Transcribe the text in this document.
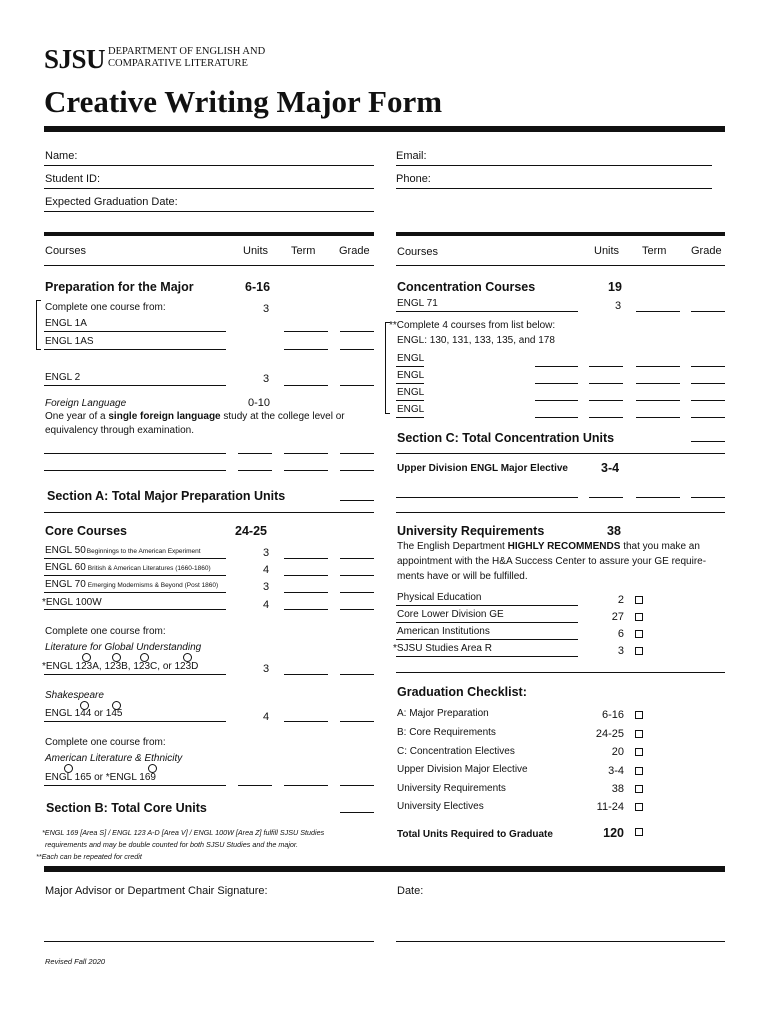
SJSU DEPARTMENT OF ENGLISH AND
COMPARATIVE LITERATURE
Creative Writing Major Form
Name:	Email:
Student ID:	Phone:
Expected Graduation Date:
Courses	Units Term Grade
Preparation for the Major	6-16
Complete one course from:	3
ENGL 1A
ENGL 1AS
ENGL 2	3
Foreign Language	0-10
One year of a single foreign language study at the college level or
equivalency through examination.
Section A: Total Major Preparation Units
Core Courses	24-25
ENGL 50Beginnings to the American Experiment	3
ENGL 60 British & American Literatures (1660-1860)	4
ENGL 70 Emerging Modernisms & Beyond (Post 1860)	3
*ENGL 100W	4
Complete one course from:
Literature for Global Understanding
*ENGL 123A, 123B, 123C, or 123D	3
Shakespeare
ENGL 144 or 145	4
Complete one course from:
American Literature & Ethnicity
ENGL 165 or *ENGL 169
Section B: Total Core Units
*ENGL 169 [Area S] / ENGL 123 A-D [Area V] / ENGL 100W [Area Z] fulfill SJSU Studies
requirements and may be double counted for both SJSU Studies and the major.
**Each can be repeated for credit
Courses	Units Term Grade
Concentration Courses	19
ENGL 71	3
**Complete 4 courses from list below:
ENGL: 130, 131, 133, 135, and 178
ENGL
ENGL
ENGL
ENGL
Section C: Total Concentration Units
Upper Division ENGL Major Elective	3-4
University Requirements	38
The English Department HIGHLY RECOMMENDS that you make an
appointment with the H&A Success Center to assure your GE require-
ments have or will be fulfilled.
Physical Education	2
Core Lower Division GE	27
American Institutions	6
*SJSU Studies Area R	3
Graduation Checklist:
A: Major Preparation	6-16
B: Core Requirements	24-25
C: Concentration Electives	20
Upper Division Major Elective	3-4
University Requirements	38
University Electives	11-24
Total Units Required to Graduate	120
Major Advisor or Department Chair Signature:	Date:
Revised Fall 2020
